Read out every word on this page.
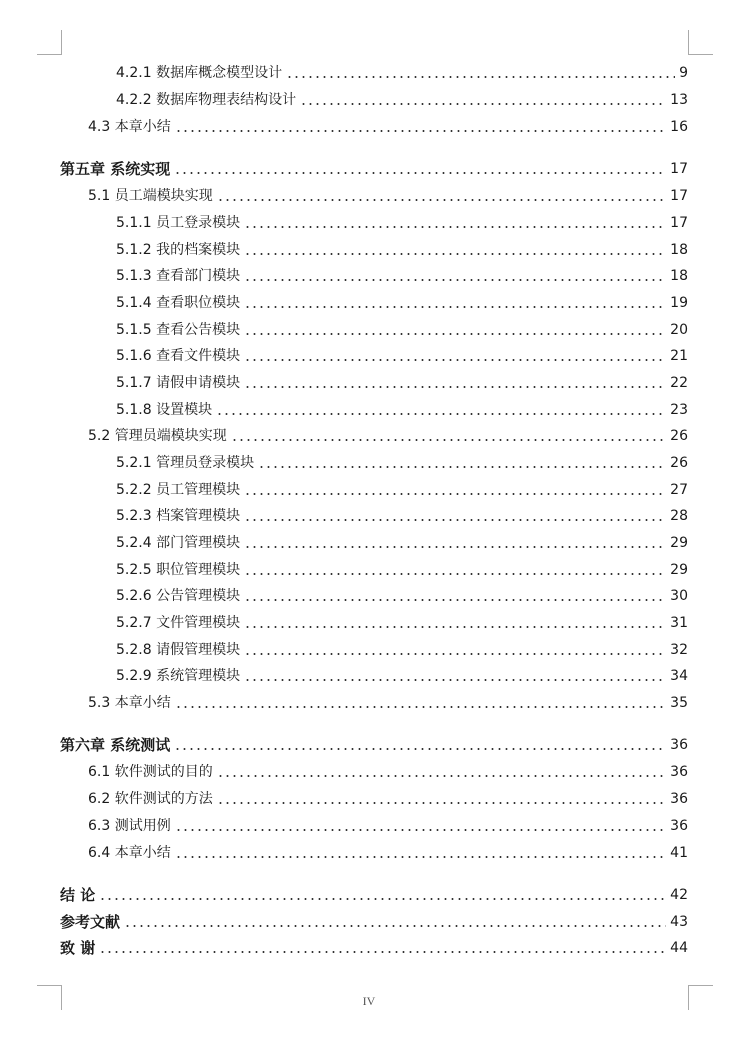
4.2.1 数据库概念模型设计	9
4.2.2 数据库物理表结构设计	13
4.3 本章小结	16
第五章 系统实现	17
5.1 员工端模块实现	17
5.1.1 员工登录模块	17
5.1.2 我的档案模块	18
5.1.3 查看部门模块	18
5.1.4 查看职位模块	19
5.1.5 查看公告模块	20
5.1.6 查看文件模块	21
5.1.7 请假申请模块	22
5.1.8 设置模块	23
5.2 管理员端模块实现	26
5.2.1 管理员登录模块	26
5.2.2 员工管理模块	27
5.2.3 档案管理模块	28
5.2.4 部门管理模块	29
5.2.5 职位管理模块	29
5.2.6 公告管理模块	30
5.2.7 文件管理模块	31
5.2.8 请假管理模块	32
5.2.9 系统管理模块	34
5.3 本章小结	35
第六章 系统测试	36
6.1 软件测试的目的	36
6.2 软件测试的方法	36
6.3 测试用例	36
6.4 本章小结	41
结 论	42
参考文献	43
致 谢	44
IV
